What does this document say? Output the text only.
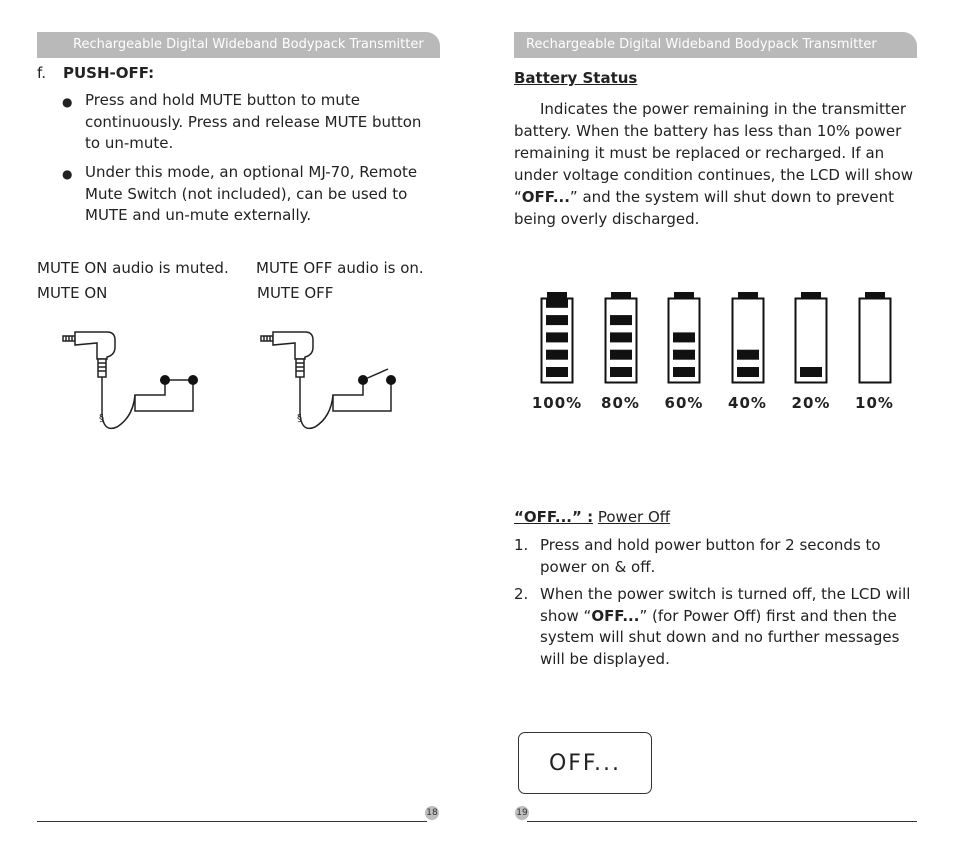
Rechargeable Digital Wideband Bodypack Transmitter	Rechargeable Digital Wideband Bodypack Transmitter
f. PUSH-OFF:
● Press and hold MUTE button to mute continuously. Press and release MUTE button to un-mute.
● Under this mode, an optional MJ-70, Remote Mute Switch (not included), can be used to MUTE and un-mute externally.
MUTE ON audio is muted. MUTE OFF audio is on.
MUTE ON	MUTE OFF
§	§
18
Battery Status
Indicates the power remaining in the transmitter battery. When the battery has less than 10% power remaining it must be replaced or recharged. If an under voltage condition continues, the LCD will show “OFF...” and the system will shut down to prevent being overly discharged.
100%	80%	60%	40%	20%	10%
“OFF...” : Power Off
1. Press and hold power button for 2 seconds to power on & off.
2. When the power switch is turned off, the LCD will show “OFF...” (for Power Off) first and then the system will shut down and no further messages will be displayed.
OFF...
19
